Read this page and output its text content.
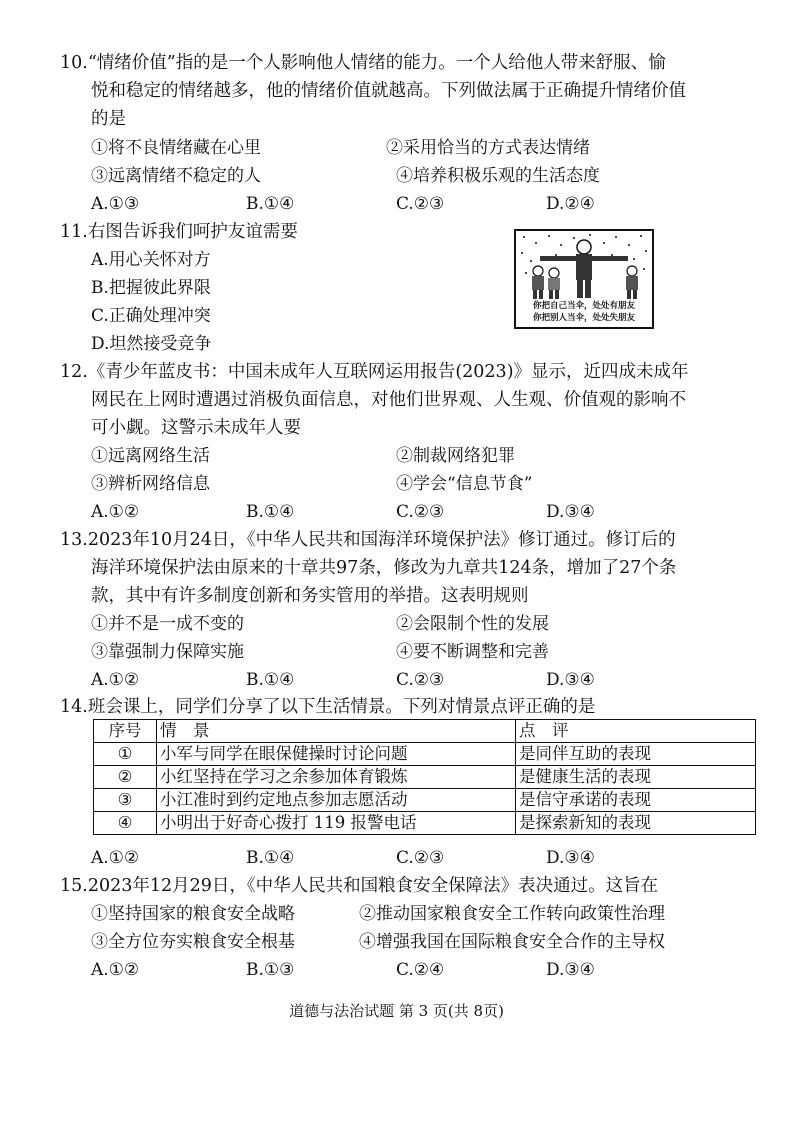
10.“情绪价值”指的是一个人影响他人情绪的能力。一个人给他人带来舒服、愉
悦和稳定的情绪越多，他的情绪价值就越高。下列做法属于正确提升情绪价值
的是
①将不良情绪藏在心里	②采用恰当的方式表达情绪
③远离情绪不稳定的人	④培养积极乐观的生活态度
A.①③	B.①④	C.②③	D.②④
11.右图告诉我们呵护友谊需要
A.用心关怀对方
B.把握彼此界限
C.正确处理冲突
D.坦然接受竞争
你把自己当伞，处处有朋友
你把别人当伞，处处失朋友
12.《青少年蓝皮书：中国未成年人互联网运用报告(2023)》显示，近四成未成年
网民在上网时遭遇过消极负面信息，对他们世界观、人生观、价值观的影响不
可小觑。这警示未成年人要
①远离网络生活	②制裁网络犯罪
③辨析网络信息	④学会“信息节食”
A.①②	B.①④	C.②③	D.③④
13.2023年10月24日，《中华人民共和国海洋环境保护法》修订通过。修订后的
海洋环境保护法由原来的十章共97条，修改为九章共124条，增加了27个条
款，其中有许多制度创新和务实管用的举措。这表明规则
①并不是一成不变的	②会限制个性的发展
③靠强制力保障实施	④要不断调整和完善
A.①②	B.①④	C.②③	D.③④
14.班会课上，同学们分享了以下生活情景。下列对情景点评正确的是
序号	情　景	点　评
①	小军与同学在眼保健操时讨论问题	是同伴互助的表现
②	小红坚持在学习之余参加体育锻炼	是健康生活的表现
③	小江准时到约定地点参加志愿活动	是信守承诺的表现
④	小明出于好奇心拨打 119 报警电话	是探索新知的表现
A.①②	B.①④	C.②③	D.③④
15.2023年12月29日，《中华人民共和国粮食安全保障法》表决通过。这旨在
①坚持国家的粮食安全战略	②推动国家粮食安全工作转向政策性治理
③全方位夯实粮食安全根基	④增强我国在国际粮食安全合作的主导权
A.①②	B.①③	C.②④	D.③④
道德与法治试题 第 3 页(共 8页)
